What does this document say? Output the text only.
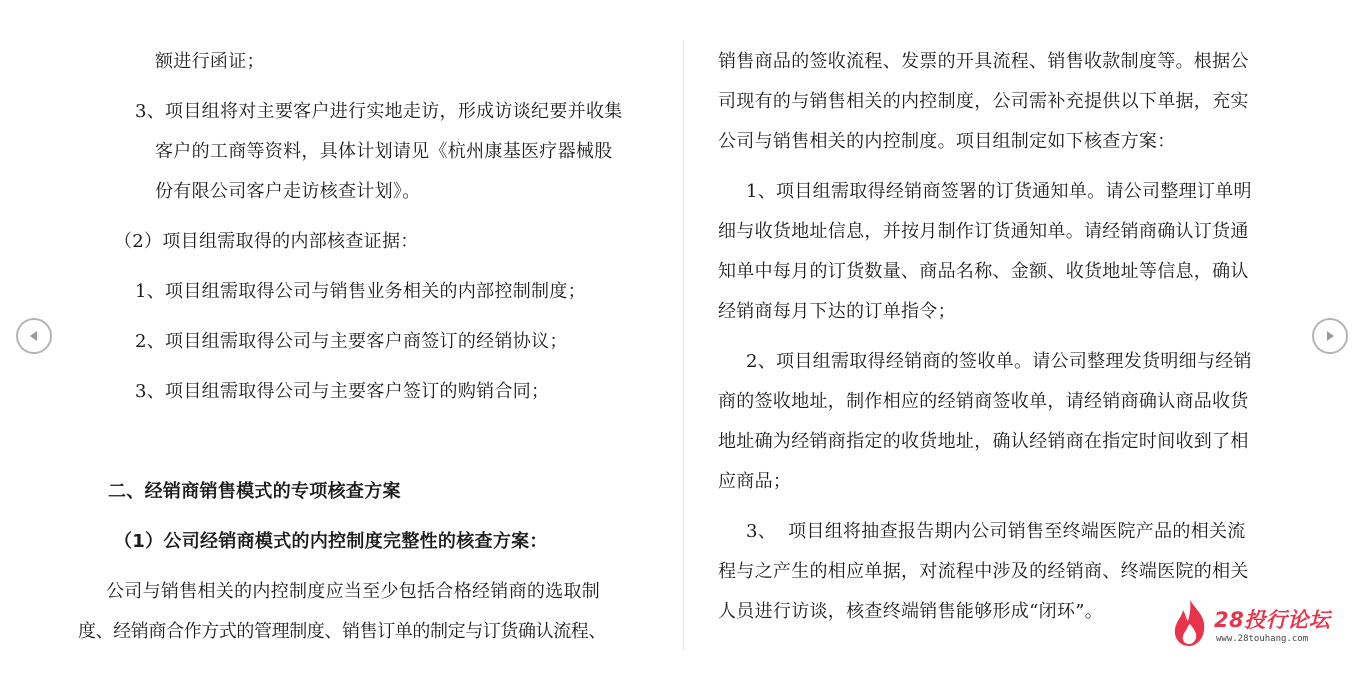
额进行函证；
3、项目组将对主要客户进行实地走访，形成访谈纪要并收集
客户的工商等资料，具体计划请见《杭州康基医疗器械股
份有限公司客户走访核查计划》。
（2）项目组需取得的内部核查证据：
1、项目组需取得公司与销售业务相关的内部控制制度；
2、项目组需取得公司与主要客户商签订的经销协议；
3、项目组需取得公司与主要客户签订的购销合同；
二、经销商销售模式的专项核查方案
（1）公司经销商模式的内控制度完整性的核查方案：
公司与销售相关的内控制度应当至少包括合格经销商的选取制
度、经销商合作方式的管理制度、销售订单的制定与订货确认流程、
销售商品的签收流程、发票的开具流程、销售收款制度等。根据公
司现有的与销售相关的内控制度，公司需补充提供以下单据，充实
公司与销售相关的内控制度。项目组制定如下核查方案：
1、项目组需取得经销商签署的订货通知单。请公司整理订单明
细与收货地址信息，并按月制作订货通知单。请经销商确认订货通
知单中每月的订货数量、商品名称、金额、收货地址等信息，确认
经销商每月下达的订单指令；
2、项目组需取得经销商的签收单。请公司整理发货明细与经销
商的签收地址，制作相应的经销商签收单，请经销商确认商品收货
地址确为经销商指定的收货地址，确认经销商在指定时间收到了相
应商品；
3、  项目组将抽查报告期内公司销售至终端医院产品的相关流
程与之产生的相应单据，对流程中涉及的经销商、终端医院的相关
人员进行访谈，核查终端销售能够形成“闭环”。	28投行论坛
www.28touhang.com
